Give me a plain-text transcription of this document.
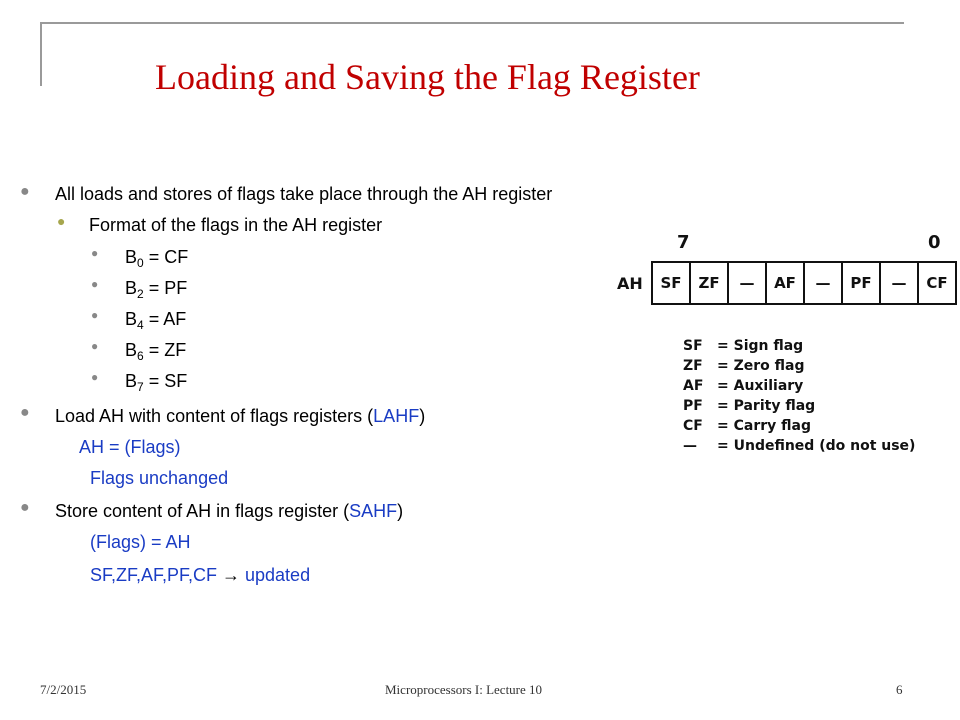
Loading and Saving the Flag Register
● All loads and stores of flags take place through the AH register
● Format of the flags in the AH register
● $B_0$ = CF
● $B_2$ = PF
● $B_4$ = AF
● $B_6$ = ZF
● $B_7$ = SF
● Load AH with content of flags registers (LAHF)
AH = (Flags)
Flags unchanged
● Store content of AH in flags register (SAHF)
(Flags) = AH
SF,ZF,AF,PF,CF → updated
7	0
AH	SF	ZF	—	AF	—	PF	—	CF
SF	= Sign flag
ZF	= Zero flag
AF = Auxiliary
PF	= Parity flag
CF	= Carry flag
—	= Undefined (do not use)
7/2/2015	Microprocessors I: Lecture 10	6
